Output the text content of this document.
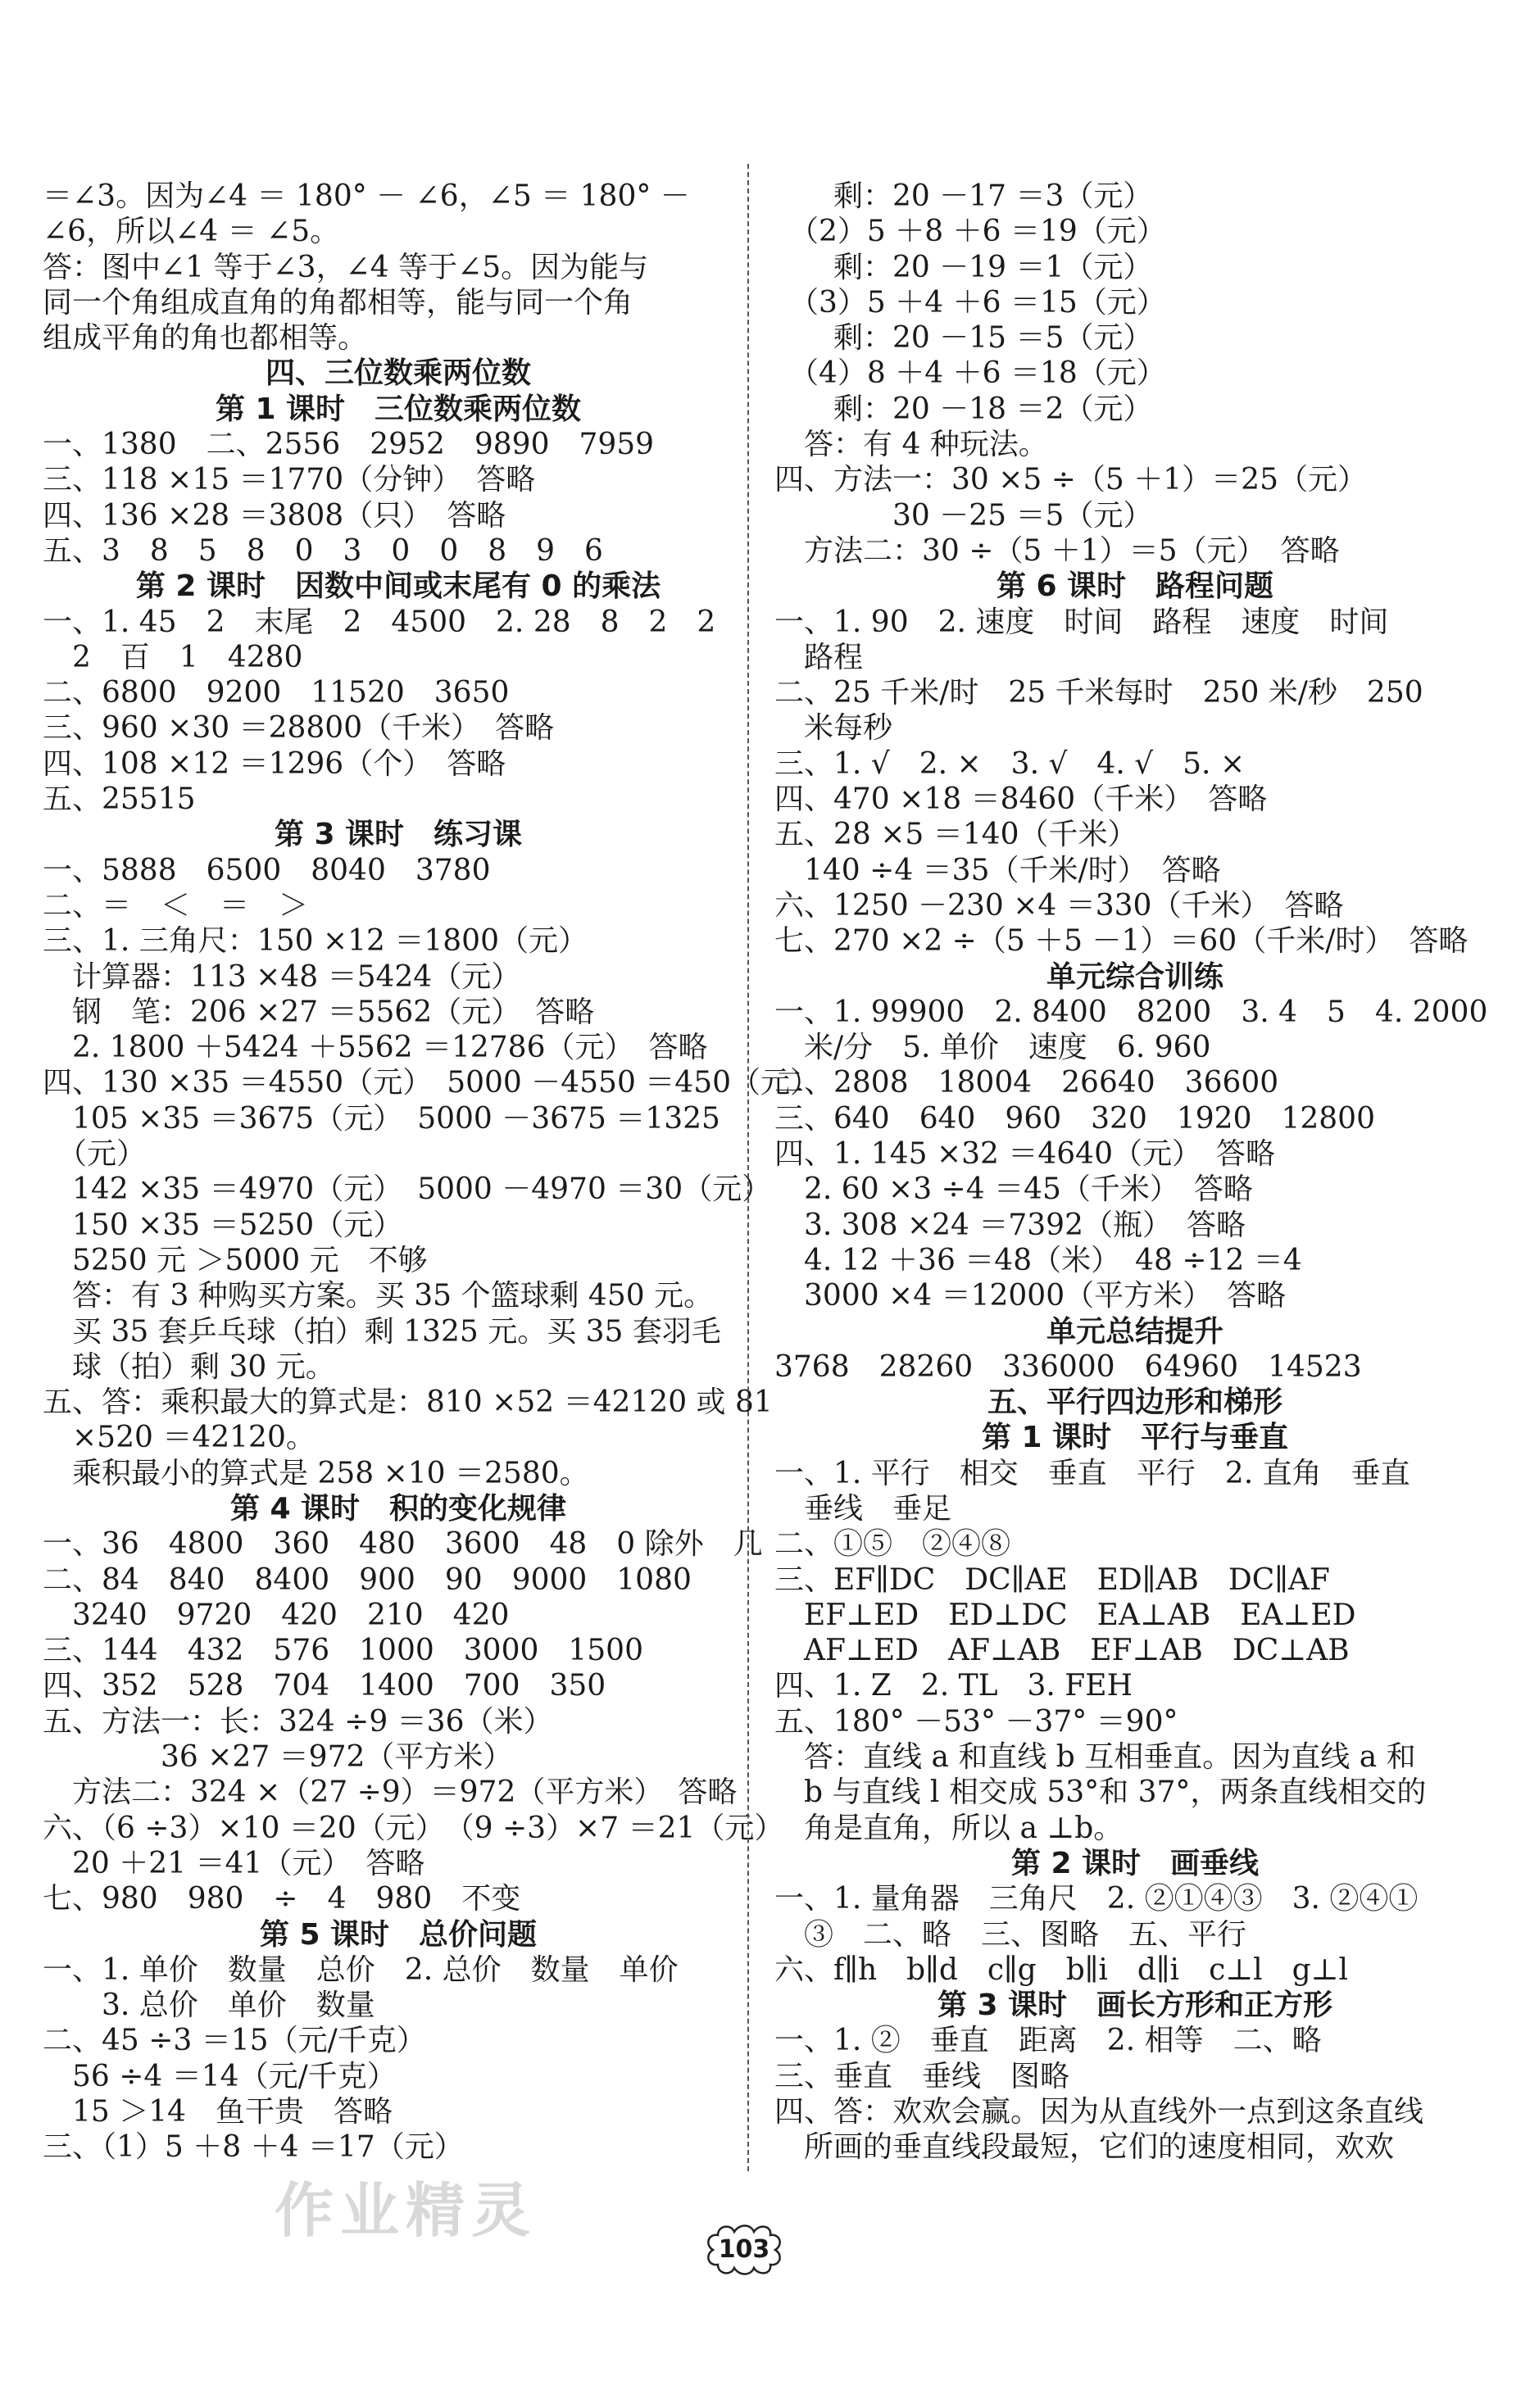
＝∠3。因为∠4 ＝ 180° － ∠6，∠5 ＝ 180° －
∠6，所以∠4 ＝ ∠5。
答：图中∠1 等于∠3，∠4 等于∠5。因为能与
同一个角组成直角的角都相等，能与同一个角
组成平角的角也都相等。
四、三位数乘两位数
第 1 课时　三位数乘两位数
一、1380　二、2556　2952　9890　7959
三、118 ×15 ＝1770（分钟）　答略
四、136 ×28 ＝3808（只）　答略
五、3　8　5　8　0　3　0　0　8　9　6
第 2 课时　因数中间或末尾有 0 的乘法
一、1. 45　2　末尾　2　4500　2. 28　8　2　2
　2　百　1　4280
二、6800　9200　11520　3650
三、960 ×30 ＝28800（千米）　答略
四、108 ×12 ＝1296（个）　答略
五、25515
第 3 课时　练习课
一、5888　6500　8040　3780
二、＝　＜　＝　＞
三、1. 三角尺：150 ×12 ＝1800（元）
　计算器：113 ×48 ＝5424（元）
　钢　笔：206 ×27 ＝5562（元）　答略
　2. 1800 ＋5424 ＋5562 ＝12786（元）　答略
四、130 ×35 ＝4550（元）　5000 －4550 ＝450（元）
　105 ×35 ＝3675（元）　5000 －3675 ＝1325
　（元）
　142 ×35 ＝4970（元）　5000 －4970 ＝30（元）
　150 ×35 ＝5250（元）
　5250 元 ＞5000 元　不够
　答：有 3 种购买方案。买 35 个篮球剩 450 元。
　买 35 套乒乓球（拍）剩 1325 元。买 35 套羽毛
　球（拍）剩 30 元。
五、答：乘积最大的算式是：810 ×52 ＝42120 或 81
　×520 ＝42120。
　乘积最小的算式是 258 ×10 ＝2580。
第 4 课时　积的变化规律
一、36　4800　360　480　3600　48　0 除外　几
二、84　840　8400　900　90　9000　1080
　3240　9720　420　210　420
三、144　432　576　1000　3000　1500
四、352　528　704　1400　700　350
五、方法一：长：324 ÷9 ＝36（米）
　　　　36 ×27 ＝972（平方米）
　方法二：324 ×（27 ÷9）＝972（平方米）　答略
六、（6 ÷3）×10 ＝20（元）　（9 ÷3）×7 ＝21（元）
　20 ＋21 ＝41（元）　答略
七、980　980　÷　4　980　不变
第 5 课时　总价问题
一、1. 单价　数量　总价　2. 总价　数量　单价
　　3. 总价　单价　数量
二、45 ÷3 ＝15（元/千克）
　56 ÷4 ＝14（元/千克）
　15 ＞14　鱼干贵　答略
三、（1）5 ＋8 ＋4 ＝17（元）
　　剩：20 －17 ＝3（元）
　（2）5 ＋8 ＋6 ＝19（元）
　　剩：20 －19 ＝1（元）
　（3）5 ＋4 ＋6 ＝15（元）
　　剩：20 －15 ＝5（元）
　（4）8 ＋4 ＋6 ＝18（元）
　　剩：20 －18 ＝2（元）
　答：有 4 种玩法。
四、方法一：30 ×5 ÷（5 ＋1）＝25（元）
　　　　30 －25 ＝5（元）
　方法二：30 ÷（5 ＋1）＝5（元）　答略
第 6 课时　路程问题
一、1. 90　2. 速度　时间　路程　速度　时间
　路程
二、25 千米/时　25 千米每时　250 米/秒　250
　米每秒
三、1. √　2. ×　3. √　4. √　5. ×
四、470 ×18 ＝8460（千米）　答略
五、28 ×5 ＝140（千米）
　140 ÷4 ＝35（千米/时）　答略
六、1250 －230 ×4 ＝330（千米）　答略
七、270 ×2 ÷（5 ＋5 －1）＝60（千米/时）　答略
单元综合训练
一、1. 99900　2. 8400　8200　3. 4　5　4. 2000
　米/分　5. 单价　速度　6. 960
二、2808　18004　26640　36600
三、640　640　960　320　1920　12800
四、1. 145 ×32 ＝4640（元）　答略
　2. 60 ×3 ÷4 ＝45（千米）　答略
　3. 308 ×24 ＝7392（瓶）　答略
　4. 12 ＋36 ＝48（米）　48 ÷12 ＝4
　3000 ×4 ＝12000（平方米）　答略
单元总结提升
3768　28260　336000　64960　14523
五、平行四边形和梯形
第 1 课时　平行与垂直
一、1. 平行　相交　垂直　平行　2. 直角　垂直
　垂线　垂足
二、①⑤　②④⑧
三、EF∥DC　DC∥AE　ED∥AB　DC∥AF
　EF⊥ED　ED⊥DC　EA⊥AB　EA⊥ED
　AF⊥ED　AF⊥AB　EF⊥AB　DC⊥AB
四、1. Z　2. TL　3. FEH
五、180° －53° －37° ＝90°
　答：直线 a 和直线 b 互相垂直。因为直线 a 和
　b 与直线 l 相交成 53°和 37°，两条直线相交的
　角是直角，所以 a ⊥b。
第 2 课时　画垂线
一、1. 量角器　三角尺　2. ②①④③　3. ②④①
　③　二、略　三、图略　五、平行
六、f∥h　b∥d　c∥g　b∥i　d∥i　c⊥l　g⊥l
第 3 课时　画长方形和正方形
一、1. ②　垂直　距离　2. 相等　二、略
三、垂直　垂线　图略
四、答：欢欢会赢。因为从直线外一点到这条直线
　所画的垂直线段最短，它们的速度相同，欢欢
作业精灵
103
